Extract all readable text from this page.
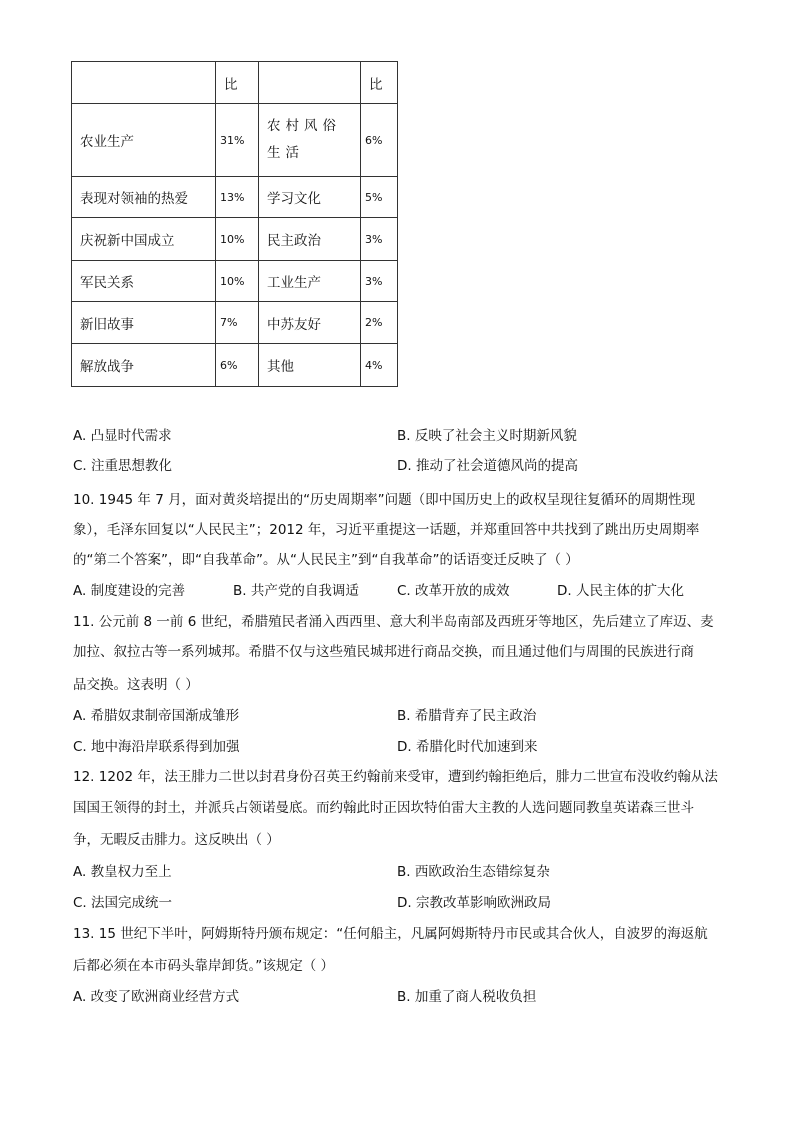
	比		比
农业生产	31%	农村风俗生活	6%
表现对领袖的热爱	13%	学习文化	5%
庆祝新中国成立	10%	民主政治	3%
军民关系	10%	工业生产	3%
新旧故事	7%	中苏友好	2%
解放战争	6%	其他	4%
A. 凸显时代需求	B. 反映了社会主义时期新风貌
C. 注重思想教化	D. 推动了社会道德风尚的提高
10. 1945 年 7 月，面对黄炎培提出的“历史周期率”问题（即中国历史上的政权呈现往复循环的周期性现
象），毛泽东回复以“人民民主”；2012 年，习近平重提这一话题，并郑重回答中共找到了跳出历史周期率
的“第二个答案”，即“自我革命”。从“人民民主”到“自我革命”的话语变迁反映了（ ）
A. 制度建设的完善	B. 共产党的自我调适	C. 改革开放的成效	D. 人民主体的扩大化
11. 公元前 8 一前 6 世纪，希腊殖民者涌入西西里、意大利半岛南部及西班牙等地区，先后建立了库迈、麦
加拉、叙拉古等一系列城邦。希腊不仅与这些殖民城邦进行商品交换，而且通过他们与周围的民族进行商
品交换。这表明（ ）
A. 希腊奴隶制帝国渐成雏形	B. 希腊背弃了民主政治
C. 地中海沿岸联系得到加强	D. 希腊化时代加速到来
12. 1202 年，法王腓力二世以封君身份召英王约翰前来受审，遭到约翰拒绝后，腓力二世宣布没收约翰从法
国国王领得的封土，并派兵占领诺曼底。而约翰此时正因坎特伯雷大主教的人选问题同教皇英诺森三世斗
争，无暇反击腓力。这反映出（ ）
A. 教皇权力至上	B. 西欧政治生态错综复杂
C. 法国完成统一	D. 宗教改革影响欧洲政局
13. 15 世纪下半叶，阿姆斯特丹颁布规定：“任何船主，凡属阿姆斯特丹市民或其合伙人，自波罗的海返航
后都必须在本市码头靠岸卸货。”该规定（ ）
A. 改变了欧洲商业经营方式	B. 加重了商人税收负担
